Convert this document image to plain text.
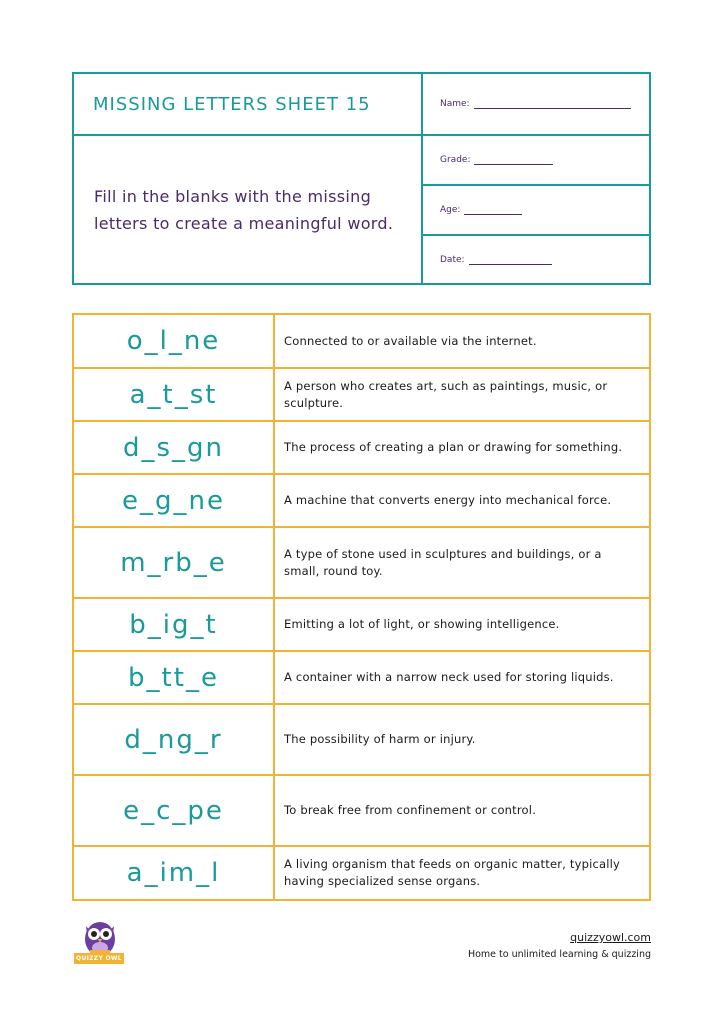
MISSING LETTERS SHEET 15
Fill in the blanks with the missing letters to create a meaningful word.
Name:
Grade:
Age:
Date:
o_l_ne	Connected to or available via the internet.
a_t_st	A person who creates art, such as paintings, music, or sculpture.
d_s_gn	The process of creating a plan or drawing for something.
e_g_ne	A machine that converts energy into mechanical force.
m_rb_e	A type of stone used in sculptures and buildings, or a small, round toy.
b_ig_t	Emitting a lot of light, or showing intelligence.
b_tt_e	A container with a narrow neck used for storing liquids.
d_ng_r	The possibility of harm or injury.
e_c_pe	To break free from confinement or control.
a_im_l	A living organism that feeds on organic matter, typically having specialized sense organs.
QUIZZY OWL
quizzyowl.com
Home to unlimited learning & quizzing
